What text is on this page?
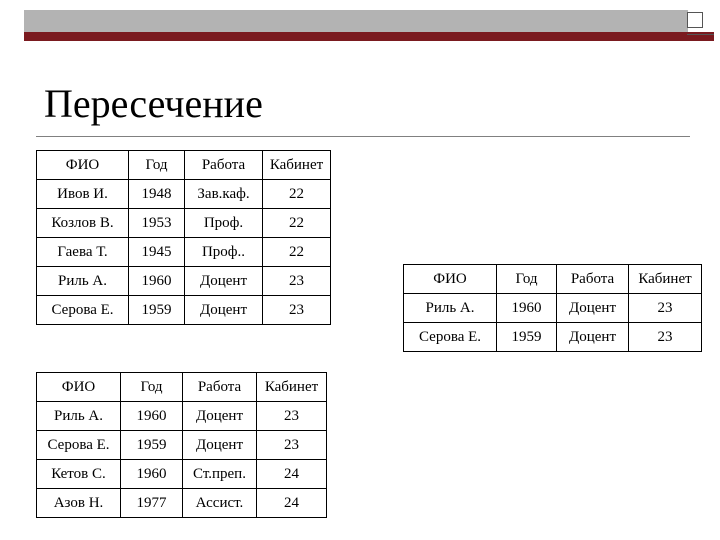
Пересечение
ФИО	Год	Работа	Кабинет
Ивов И.	1948	Зав.каф.	22
Козлов В.	1953	Проф.	22
Гаева Т.	1945	Проф..	22
Риль А.	1960	Доцент	23
Серова Е.	1959	Доцент	23
ФИО	Год	Работа	Кабинет
Риль А.	1960	Доцент	23
Серова Е.	1959	Доцент	23
ФИО	Год	Работа	Кабинет
Риль А.	1960	Доцент	23
Серова Е.	1959	Доцент	23
Кетов С.	1960	Ст.преп.	24
Азов Н.	1977	Ассист.	24
